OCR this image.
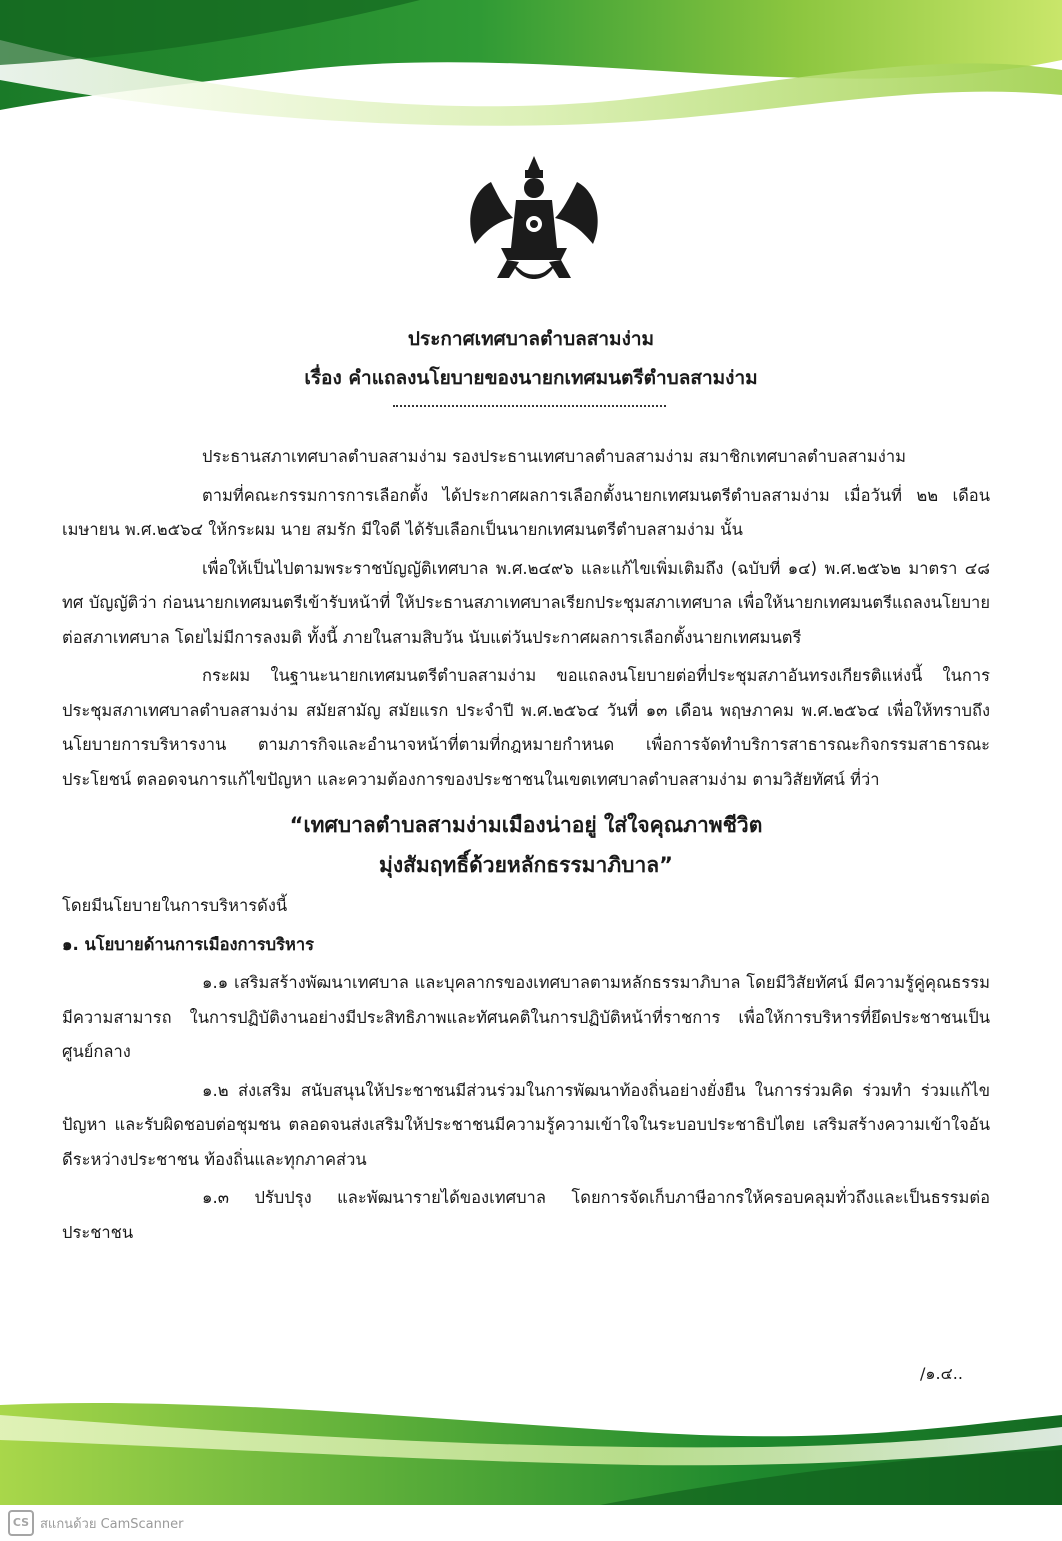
ประกาศเทศบาลตำบลสามง่าม
เรื่อง คำแถลงนโยบายของนายกเทศมนตรีตำบลสามง่าม

ประธานสภาเทศบาลตำบลสามง่าม รองประธานเทศบาลตำบลสามง่าม สมาชิกเทศบาลตำบลสามง่าม

ตามที่คณะกรรมการการเลือกตั้ง ได้ประกาศผลการเลือกตั้งนายกเทศมนตรีตำบลสามง่าม เมื่อวันที่ ๒๒ เดือน เมษายน พ.ศ.๒๕๖๔ ให้กระผม นาย สมรัก มีใจดี ได้รับเลือกเป็นนายกเทศมนตรีตำบลสามง่าม นั้น

เพื่อให้เป็นไปตามพระราชบัญญัติเทศบาล พ.ศ.๒๔๙๖ และแก้ไขเพิ่มเติมถึง (ฉบับที่ ๑๔) พ.ศ.๒๕๖๒ มาตรา ๔๘ ทศ บัญญัติว่า ก่อนนายกเทศมนตรีเข้ารับหน้าที่ ให้ประธานสภาเทศบาลเรียกประชุมสภาเทศบาล เพื่อให้นายกเทศมนตรีแถลงนโยบายต่อสภาเทศบาล โดยไม่มีการลงมติ ทั้งนี้ ภายในสามสิบวัน นับแต่วันประกาศผลการเลือกตั้งนายกเทศมนตรี

กระผม ในฐานะนายกเทศมนตรีตำบลสามง่าม ขอแถลงนโยบายต่อที่ประชุมสภาอันทรงเกียรติแห่งนี้ ในการประชุมสภาเทศบาลตำบลสามง่าม สมัยสามัญ สมัยแรก ประจำปี พ.ศ.๒๕๖๔ วันที่ ๑๓ เดือน พฤษภาคม พ.ศ.๒๕๖๔ เพื่อให้ทราบถึงนโยบายการบริหารงาน ตามภารกิจและอำนาจหน้าที่ตามที่กฎหมายกำหนด เพื่อการจัดทำบริการสาธารณะกิจกรรมสาธารณะประโยชน์ ตลอดจนการแก้ไขปัญหา และความต้องการของประชาชนในเขตเทศบาลตำบลสามง่าม ตามวิสัยทัศน์ ที่ว่า

“เทศบาลตำบลสามง่ามเมืองน่าอยู่ ใส่ใจคุณภาพชีวิต
มุ่งสัมฤทธิ์ด้วยหลักธรรมาภิบาล”

โดยมีนโยบายในการบริหารดังนี้

๑. นโยบายด้านการเมืองการบริหาร

๑.๑ เสริมสร้างพัฒนาเทศบาล และบุคลากรของเทศบาลตามหลักธรรมาภิบาล โดยมีวิสัยทัศน์ มีความรู้คู่คุณธรรม มีความสามารถ ในการปฏิบัติงานอย่างมีประสิทธิภาพและทัศนคติในการปฏิบัติหน้าที่ราชการ เพื่อให้การบริหารที่ยึดประชาชนเป็นศูนย์กลาง

๑.๒ ส่งเสริม สนับสนุนให้ประชาชนมีส่วนร่วมในการพัฒนาท้องถิ่นอย่างยั่งยืน ในการร่วมคิด ร่วมทำ ร่วมแก้ไขปัญหา และรับผิดชอบต่อชุมชน ตลอดจนส่งเสริมให้ประชาชนมีความรู้ความเข้าใจในระบอบประชาธิปไตย เสริมสร้างความเข้าใจอันดีระหว่างประชาชน ท้องถิ่นและทุกภาคส่วน

๑.๓ ปรับปรุง และพัฒนารายได้ของเทศบาล โดยการจัดเก็บภาษีอากรให้ครอบคลุมทั่วถึงและเป็นธรรมต่อประชาชน

/๑.๔..
CS สแกนด้วย CamScanner
